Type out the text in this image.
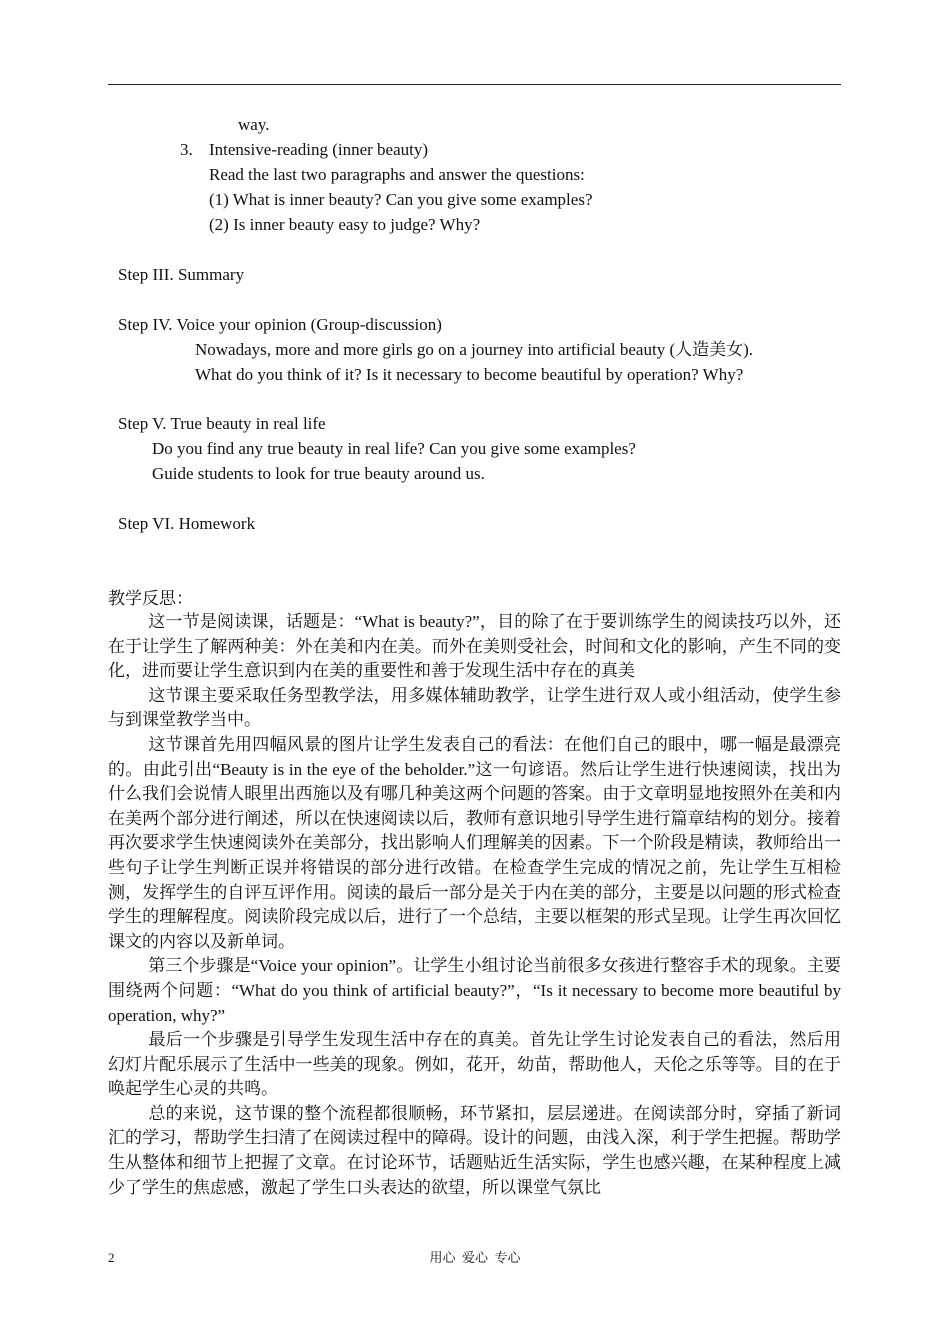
way.
3. Intensive-reading (inner beauty)
Read the last two paragraphs and answer the questions:
(1) What is inner beauty? Can you give some examples?
(2) Is inner beauty easy to judge? Why?
Step III. Summary
Step IV. Voice your opinion (Group-discussion)
Nowadays, more and more girls go on a journey into artificial beauty (人造美女).
What do you think of it? Is it necessary to become beautiful by operation? Why?
Step V. True beauty in real life
Do you find any true beauty in real life? Can you give some examples?
Guide students to look for true beauty around us.
Step VI. Homework
教学反思：
这一节是阅读课，话题是：“What is beauty?”，目的除了在于要训练学生的阅读技巧以外，还在于让学生了解两种美：外在美和内在美。而外在美则受社会，时间和文化的影响，产生不同的变化，进而要让学生意识到内在美的重要性和善于发现生活中存在的真美
这节课主要采取任务型教学法，用多媒体辅助教学，让学生进行双人或小组活动，使学生参与到课堂教学当中。
这节课首先用四幅风景的图片让学生发表自己的看法：在他们自己的眼中，哪一幅是最漂亮的。由此引出“Beauty is in the eye of the beholder.”这一句谚语。然后让学生进行快速阅读，找出为什么我们会说情人眼里出西施以及有哪几种美这两个问题的答案。由于文章明显地按照外在美和内在美两个部分进行阐述，所以在快速阅读以后，教师有意识地引导学生进行篇章结构的划分。接着再次要求学生快速阅读外在美部分，找出影响人们理解美的因素。下一个阶段是精读，教师给出一些句子让学生判断正误并将错误的部分进行改错。在检查学生完成的情况之前，先让学生互相检测，发挥学生的自评互评作用。阅读的最后一部分是关于内在美的部分，主要是以问题的形式检查学生的理解程度。阅读阶段完成以后，进行了一个总结，主要以框架的形式呈现。让学生再次回忆课文的内容以及新单词。
第三个步骤是“Voice your opinion”。让学生小组讨论当前很多女孩进行整容手术的现象。主要围绕两个问题：“What do you think of artificial beauty?”，“Is it necessary to become more beautiful by operation, why?”
最后一个步骤是引导学生发现生活中存在的真美。首先让学生讨论发表自己的看法，然后用幻灯片配乐展示了生活中一些美的现象。例如，花开，幼苗，帮助他人，天伦之乐等等。目的在于唤起学生心灵的共鸣。
总的来说，这节课的整个流程都很顺畅，环节紧扣，层层递进。在阅读部分时，穿插了新词汇的学习，帮助学生扫清了在阅读过程中的障碍。设计的问题，由浅入深，利于学生把握。帮助学生从整体和细节上把握了文章。在讨论环节，话题贴近生活实际，学生也感兴趣，在某种程度上减少了学生的焦虑感，激起了学生口头表达的欲望，所以课堂气氛比
2	用心  爱心  专心
